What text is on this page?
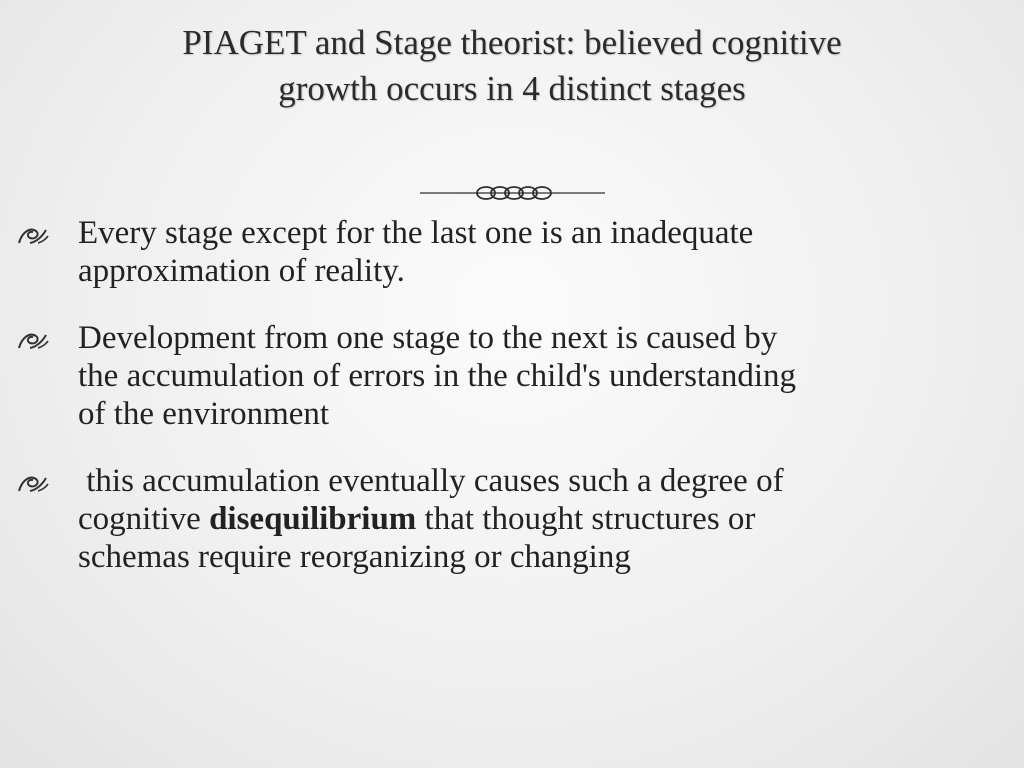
PIAGET and Stage theorist: believed cognitive
growth occurs in 4 distinct stages
Every stage except for the last one is an inadequate
approximation of reality.
Development from one stage to the next is caused by
the accumulation of errors in the child's understanding
of the environment
this accumulation eventually causes such a degree of
cognitive disequilibrium that thought structures or
schemas require reorganizing or changing
